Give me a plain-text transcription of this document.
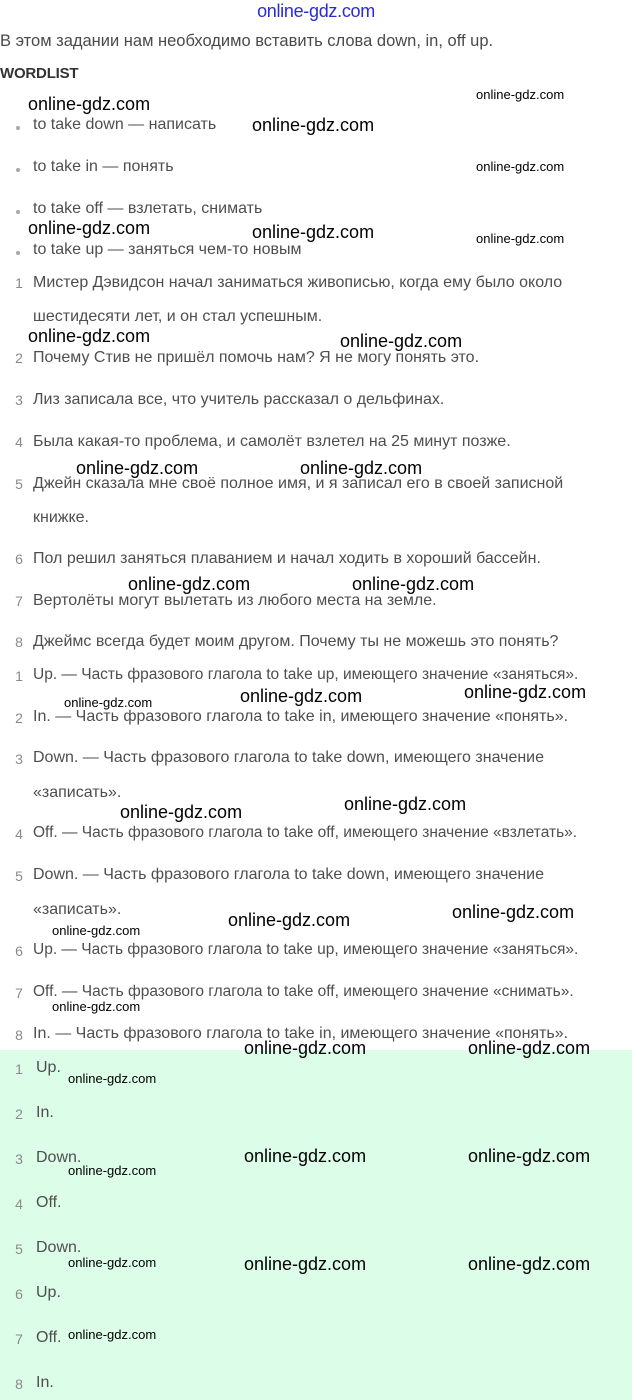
online-gdz.com
В этом задании нам необходимо вставить слова down, in, off up.
WORDLIST
to take down — написать
to take in — понять
to take off — взлетать, снимать
to take up — заняться чем-то новым
1 Мистер Дэвидсон начал заниматься живописью, когда ему было около
шестидесяти лет, и он стал успешным.
2 Почему Стив не пришёл помочь нам? Я не могу понять это.
3 Лиз записала все, что учитель рассказал о дельфинах.
4 Была какая-то проблема, и самолёт взлетел на 25 минут позже.
5 Джейн сказала мне своё полное имя, и я записал его в своей записной
книжке.
6 Пол решил заняться плаванием и начал ходить в хороший бассейн.
7 Вертолёты могут вылетать из любого места на земле.
8 Джеймс всегда будет моим другом. Почему ты не можешь это понять?
1 Up. — Часть фразового глагола to take up, имеющего значение «заняться».
2 In. — Часть фразового глагола to take in, имеющего значение «понять».
3 Down. — Часть фразового глагола to take down, имеющего значение
«записать».
4 Off. — Часть фразового глагола to take off, имеющего значение «взлетать».
5 Down. — Часть фразового глагола to take down, имеющего значение
«записать».
6 Up. — Часть фразового глагола to take up, имеющего значение «заняться».
7 Off. — Часть фразового глагола to take off, имеющего значение «снимать».
8 In. — Часть фразового глагола to take in, имеющего значение «понять».
1 Up.
2 In.
3 Down.
4 Off.
5 Down.
6 Up.
7 Off.
8 In.
online-gdz.com
online-gdz.com
online-gdz.com
online-gdz.com
online-gdz.com	online-gdz.com	online-gdz.com
online-gdz.com	online-gdz.com
online-gdz.com	online-gdz.com
online-gdz.com	online-gdz.com
online-gdz.com	online-gdz.com	online-gdz.com
online-gdz.com	online-gdz.com
online-gdz.com	online-gdz.com
online-gdz.com
online-gdz.com
online-gdz.com	online-gdz.com
online-gdz.com
online-gdz.com	online-gdz.com
online-gdz.com
online-gdz.com	online-gdz.com
online-gdz.com
online-gdz.com
